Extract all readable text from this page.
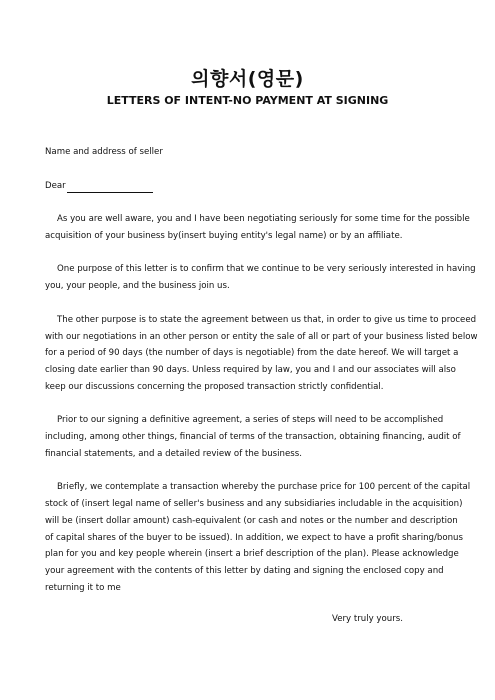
의향서(영문)
LETTERS OF INTENT-NO PAYMENT AT SIGNING
Name and address of seller
Dear
As you are well aware, you and I have been negotiating seriously for some time for the possible
acquisition of your business by(insert buying entity's legal name) or by an affiliate.
One purpose of this letter is to confirm that we continue to be very seriously interested in having
you, your people, and the business join us.
The other purpose is to state the agreement between us that, in order to give us time to proceed
with our negotiations in an other person or entity the sale of all or part of your business listed below
for a period of 90 days (the number of days is negotiable) from the date hereof. We will target a
closing date earlier than 90 days. Unless required by law, you and I and our associates will also
keep our discussions concerning the proposed transaction strictly confidential.
Prior to our signing a definitive agreement, a series of steps will need to be accomplished
including, among other things, financial of terms of the transaction, obtaining financing, audit of
financial statements, and a detailed review of the business.
Briefly, we contemplate a transaction whereby the purchase price for 100 percent of the capital
stock of (insert legal name of seller's business and any subsidiaries includable in the acquisition)
will be (insert dollar amount) cash-equivalent (or cash and notes or the number and description
of capital shares of the buyer to be issued). In addition, we expect to have a profit sharing/bonus
plan for you and key people wherein (insert a brief description of the plan). Please acknowledge
your agreement with the contents of this letter by dating and signing the enclosed copy and
returning it to me
Very truly yours.
